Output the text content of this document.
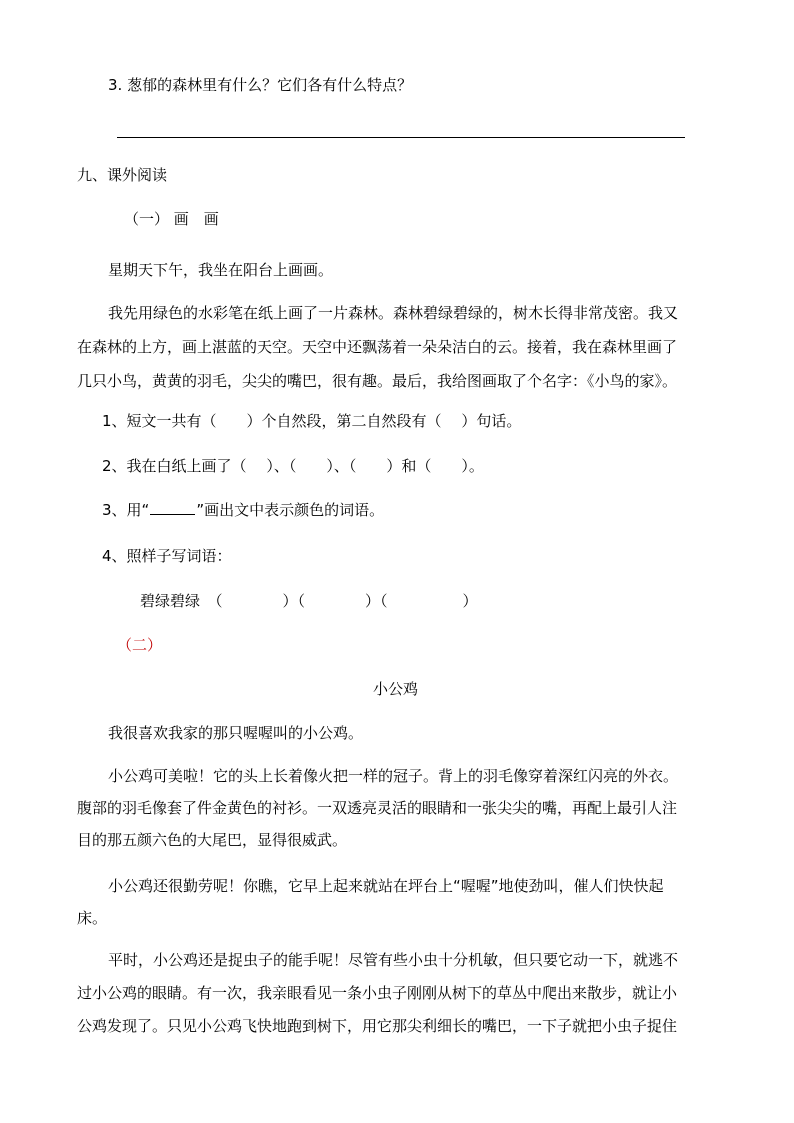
3. 葱郁的森林里有什么？它们各有什么特点？
九、课外阅读
（一） 画　画
星期天下午，我坐在阳台上画画。
我先用绿色的水彩笔在纸上画了一片森林。森林碧绿碧绿的，树木长得非常茂密。我又
在森林的上方，画上湛蓝的天空。天空中还飘荡着一朵朵洁白的云。接着，我在森林里画了
几只小鸟，黄黄的羽毛，尖尖的嘴巴，很有趣。最后，我给图画取了个名字：《小鸟的家》。
1、短文一共有（　　）个自然段，第二自然段有（　 ）句话。
2、我在白纸上画了（　 ）、（　　）、（　　）和（　　）。
3、用“	”画出文中表示颜色的词语。
4、照样子写词语：
碧绿碧绿　（　　　　）（　　　　）（　　　　　）
（二）
小公鸡
我很喜欢我家的那只喔喔叫的小公鸡。
小公鸡可美啦！它的头上长着像火把一样的冠子。背上的羽毛像穿着深红闪亮的外衣。
腹部的羽毛像套了件金黄色的衬衫。一双透亮灵活的眼睛和一张尖尖的嘴，再配上最引人注
目的那五颜六色的大尾巴，显得很威武。
小公鸡还很勤劳呢！你瞧，它早上起来就站在坪台上“喔喔”地使劲叫，催人们快快起
床。
平时，小公鸡还是捉虫子的能手呢！尽管有些小虫十分机敏，但只要它动一下，就逃不
过小公鸡的眼睛。有一次，我亲眼看见一条小虫子刚刚从树下的草丛中爬出来散步，就让小
公鸡发现了。只见小公鸡飞快地跑到树下，用它那尖利细长的嘴巴，一下子就把小虫子捉住
